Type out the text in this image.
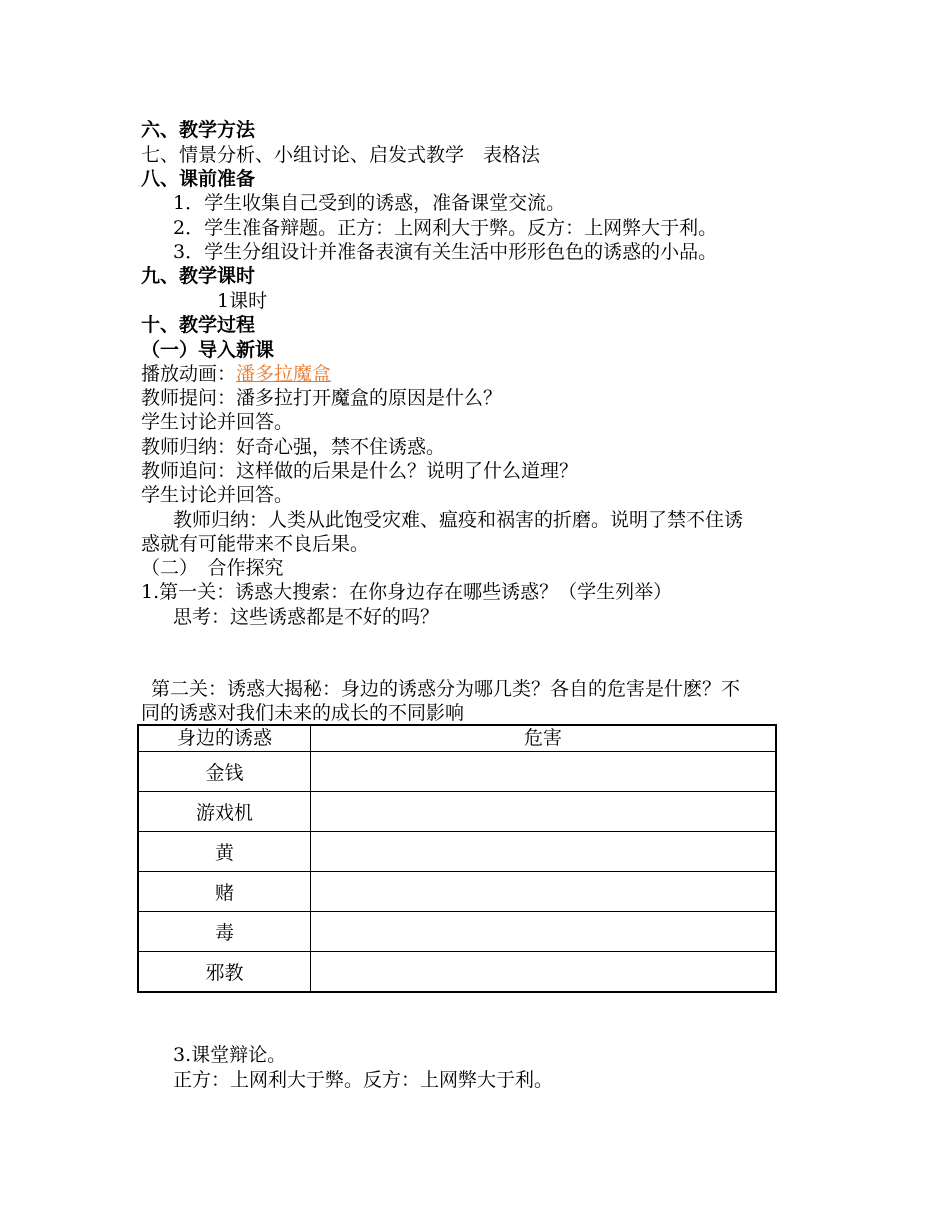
六、教学方法
七、情景分析、小组讨论、启发式教学　表格法
八、课前准备
1．学生收集自己受到的诱惑，准备课堂交流。
2．学生准备辩题。正方：上网利大于弊。反方：上网弊大于利。
3．学生分组设计并准备表演有关生活中形形色色的诱惑的小品。
九、教学课时
1课时
十、教学过程
（一）导入新课
播放动画：潘多拉魔盒
教师提问：潘多拉打开魔盒的原因是什么？
学生讨论并回答。
教师归纳：好奇心强，禁不住诱惑。
教师追问：这样做的后果是什么？说明了什么道理？
学生讨论并回答。
教师归纳：人类从此饱受灾难、瘟疫和祸害的折磨。说明了禁不住诱
惑就有可能带来不良后果。
（二）　合作探究
1.第一关：诱惑大搜索：在你身边存在哪些诱惑？（学生列举）
思考：这些诱惑都是不好的吗？
第二关：诱惑大揭秘：身边的诱惑分为哪几类？各自的危害是什麽？不
同的诱惑对我们未来的成长的不同影响
身边的诱惑	危害
金钱	
游戏机	
黄	
赌	
毒	
邪教	
3.课堂辩论。
正方：上网利大于弊。反方：上网弊大于利。
